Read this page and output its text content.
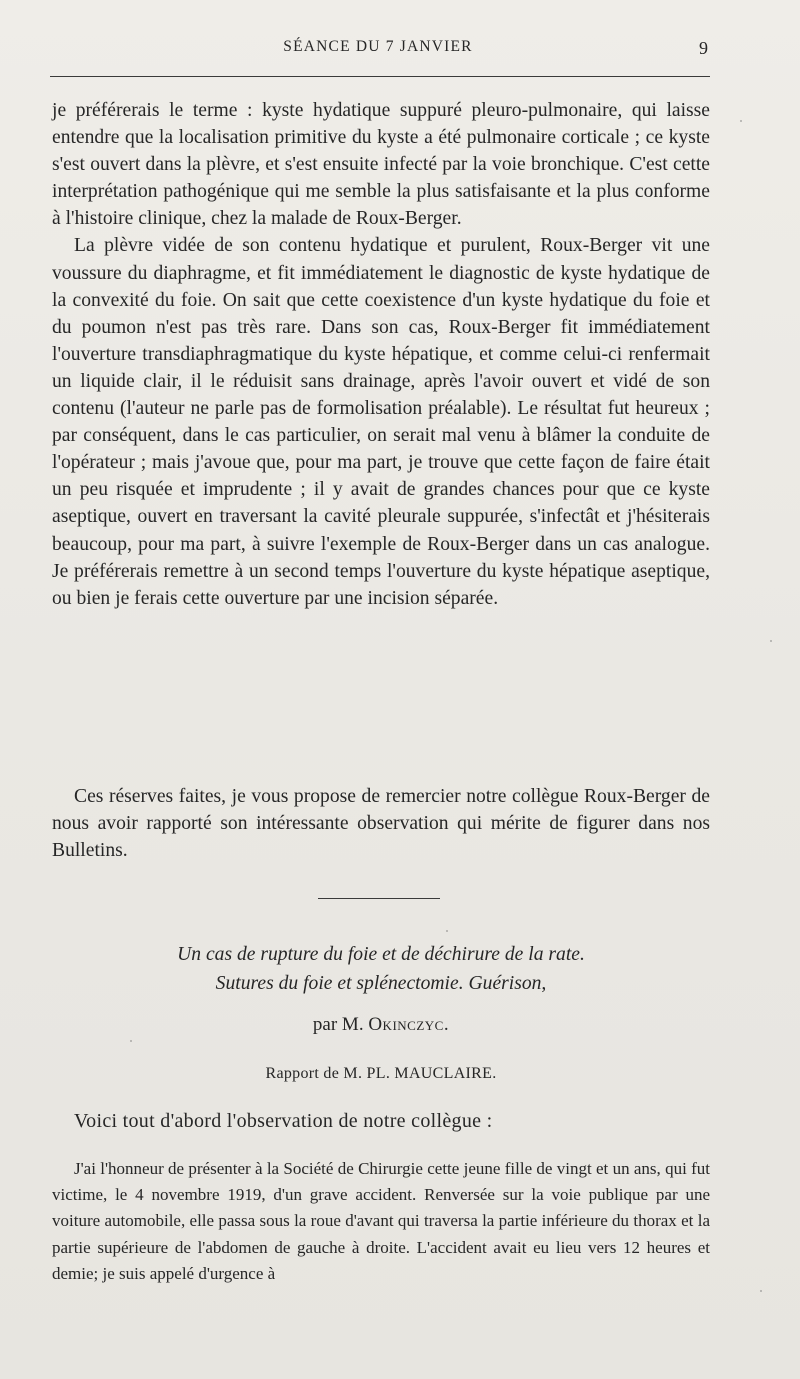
SÉANCE DU 7 JANVIER	9

je préférerais le terme : kyste hydatique suppuré pleuro-pulmonaire, qui laisse entendre que la localisation primitive du kyste a été pulmonaire corticale ; ce kyste s'est ouvert dans la plèvre, et s'est ensuite infecté par la voie bronchique. C'est cette interprétation pathogénique qui me semble la plus satisfaisante et la plus conforme à l'histoire clinique, chez la malade de Roux-Berger.

La plèvre vidée de son contenu hydatique et purulent, Roux-Berger vit une voussure du diaphragme, et fit immédiatement le diagnostic de kyste hydatique de la convexité du foie. On sait que cette coexistence d'un kyste hydatique du foie et du poumon n'est pas très rare. Dans son cas, Roux-Berger fit immédiatement l'ouverture transdiaphragmatique du kyste hépatique, et comme celui-ci renfermait un liquide clair, il le réduisit sans drainage, après l'avoir ouvert et vidé de son contenu (l'auteur ne parle pas de formolisation préalable). Le résultat fut heureux ; par conséquent, dans le cas particulier, on serait mal venu à blâmer la conduite de l'opérateur ; mais j'avoue que, pour ma part, je trouve que cette façon de faire était un peu risquée et imprudente ; il y avait de grandes chances pour que ce kyste aseptique, ouvert en traversant la cavité pleurale suppurée, s'infectât et j'hésiterais beaucoup, pour ma part, à suivre l'exemple de Roux-Berger dans un cas analogue. Je préférerais remettre à un second temps l'ouverture du kyste hépatique aseptique, ou bien je ferais cette ouverture par une incision séparée.

Ces réserves faites, je vous propose de remercier notre collègue Roux-Berger de nous avoir rapporté son intéressante observation qui mérite de figurer dans nos Bulletins.

Un cas de rupture du foie et de déchirure de la rate.
Sutures du foie et splénectomie. Guérison,
par M. Okinczyc.
Rapport de M. PL. MAUCLAIRE.
Voici tout d'abord l'observation de notre collègue :

J'ai l'honneur de présenter à la Société de Chirurgie cette jeune fille de vingt et un ans, qui fut victime, le 4 novembre 1919, d'un grave accident. Renversée sur la voie publique par une voiture automobile, elle passa sous la roue d'avant qui traversa la partie inférieure du thorax et la partie supérieure de l'abdomen de gauche à droite. L'accident avait eu lieu vers 12 heures et demie; je suis appelé d'urgence à
